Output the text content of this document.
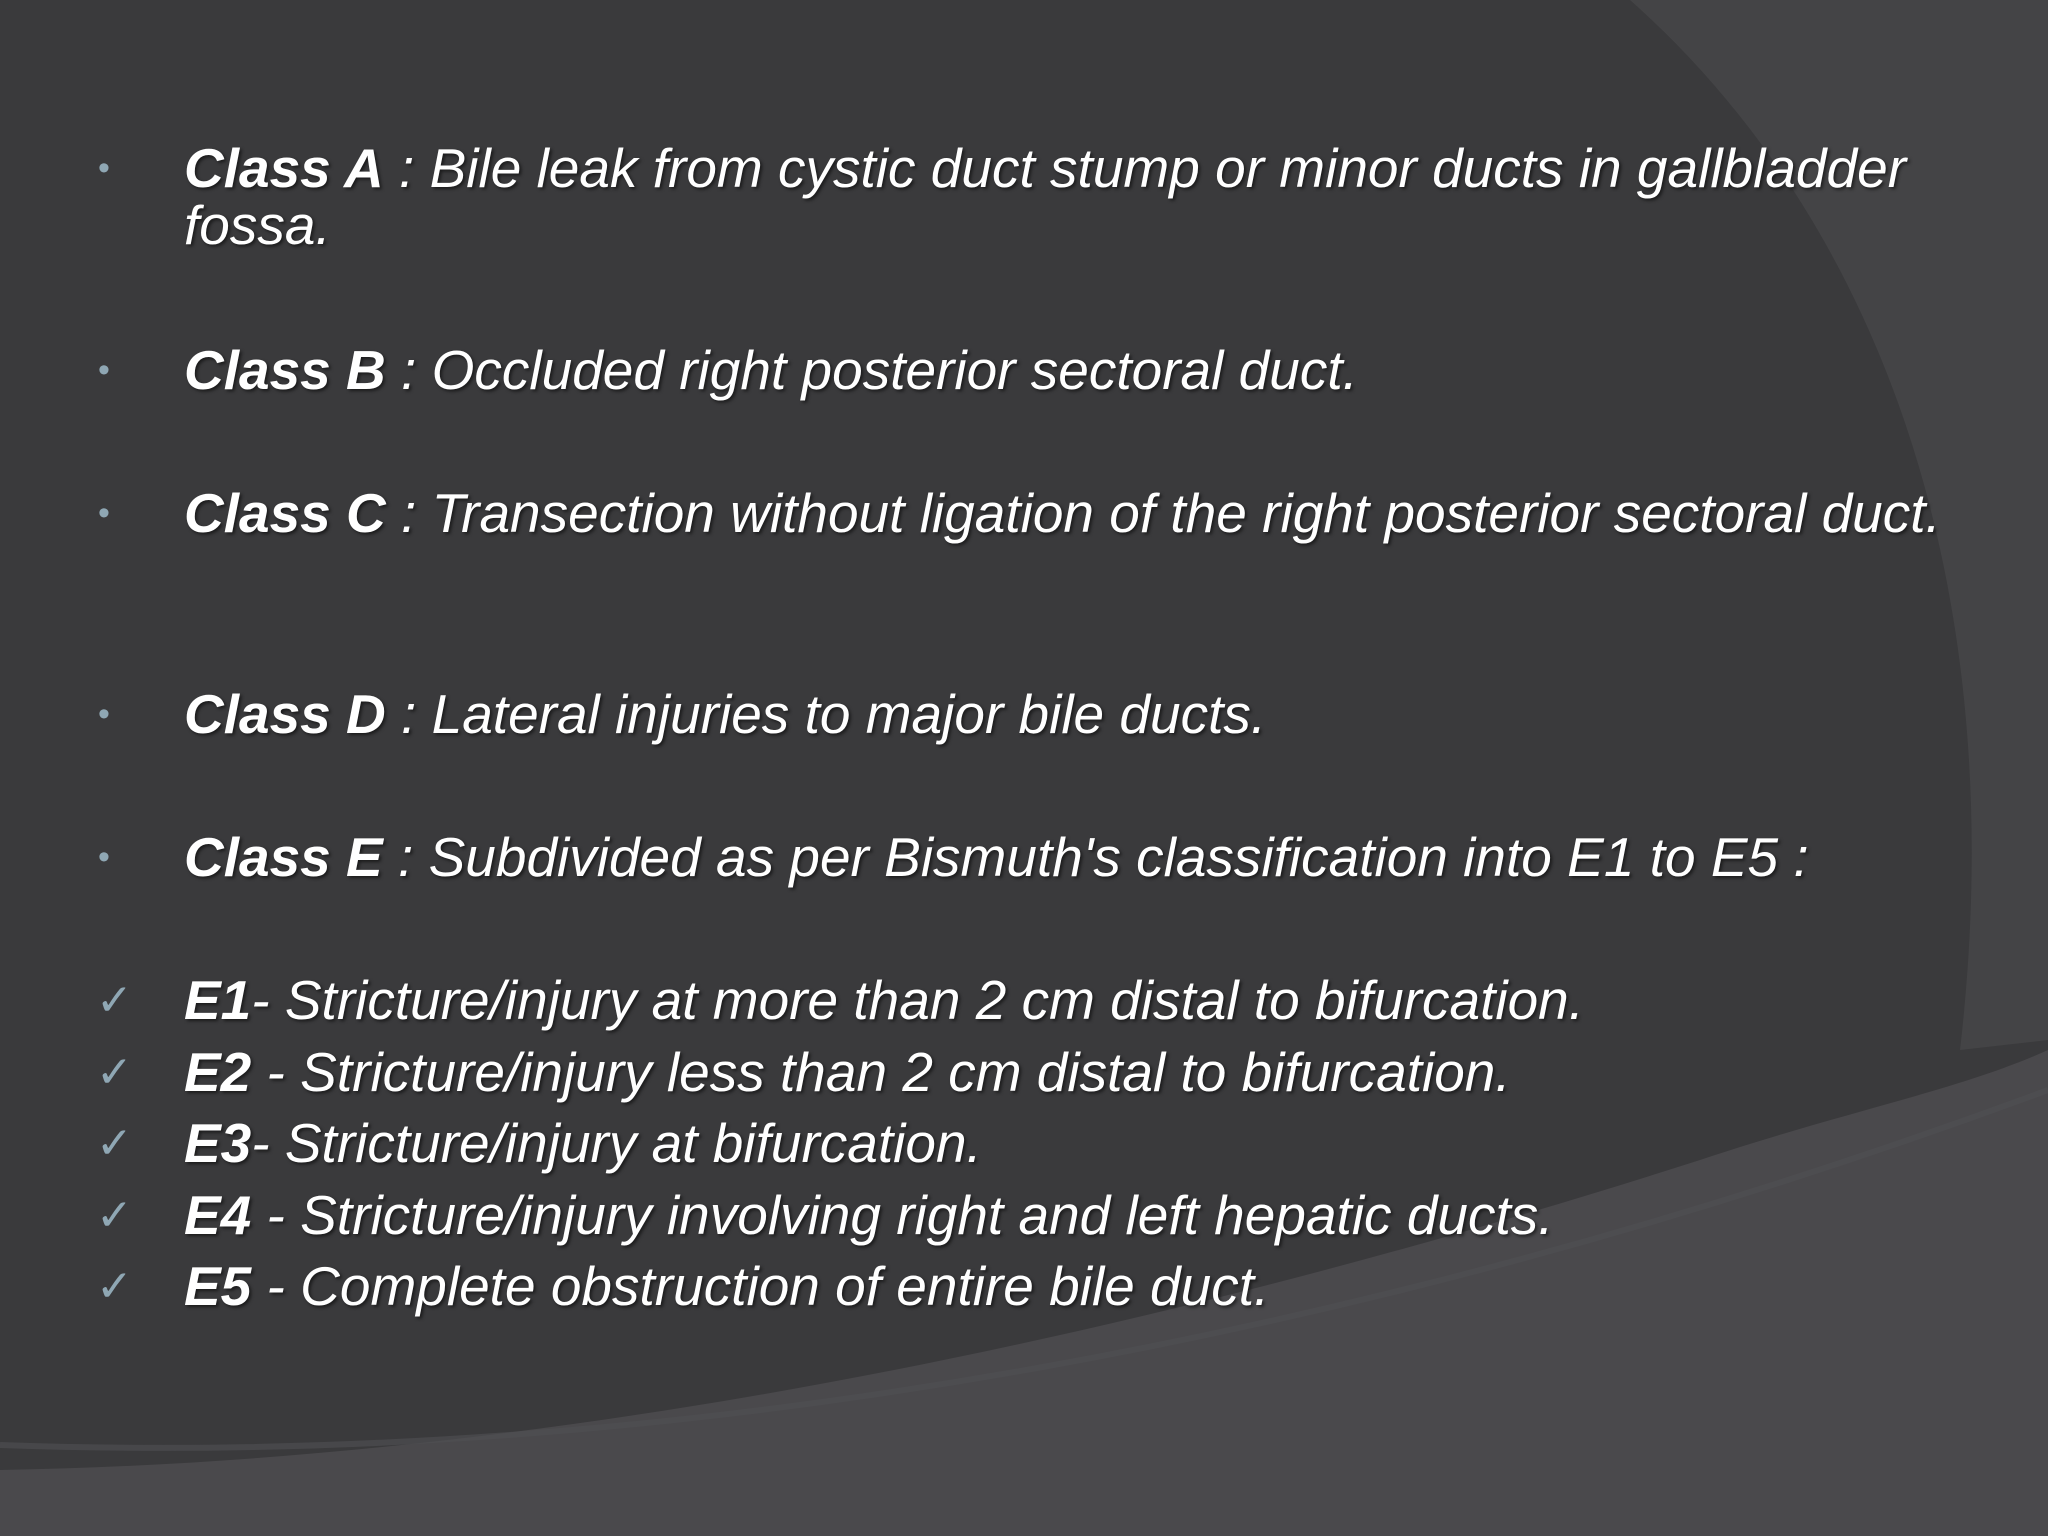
•	Class A : Bile leak from cystic duct stump or minor ducts in gallbladder fossa.
•	Class B : Occluded right posterior sectoral duct.
•	Class C : Transection without ligation of the right posterior sectoral duct.
•	Class D : Lateral injuries to major bile ducts.
•	Class E : Subdivided as per Bismuth's classification into E1 to E5 :
✓ E1- Stricture/injury at more than 2 cm distal to bifurcation.
✓ E2 - Stricture/injury less than 2 cm distal to bifurcation.
✓ E3- Stricture/injury at bifurcation.
✓ E4 - Stricture/injury involving right and left hepatic ducts.
✓ E5 - Complete obstruction of entire bile duct.
